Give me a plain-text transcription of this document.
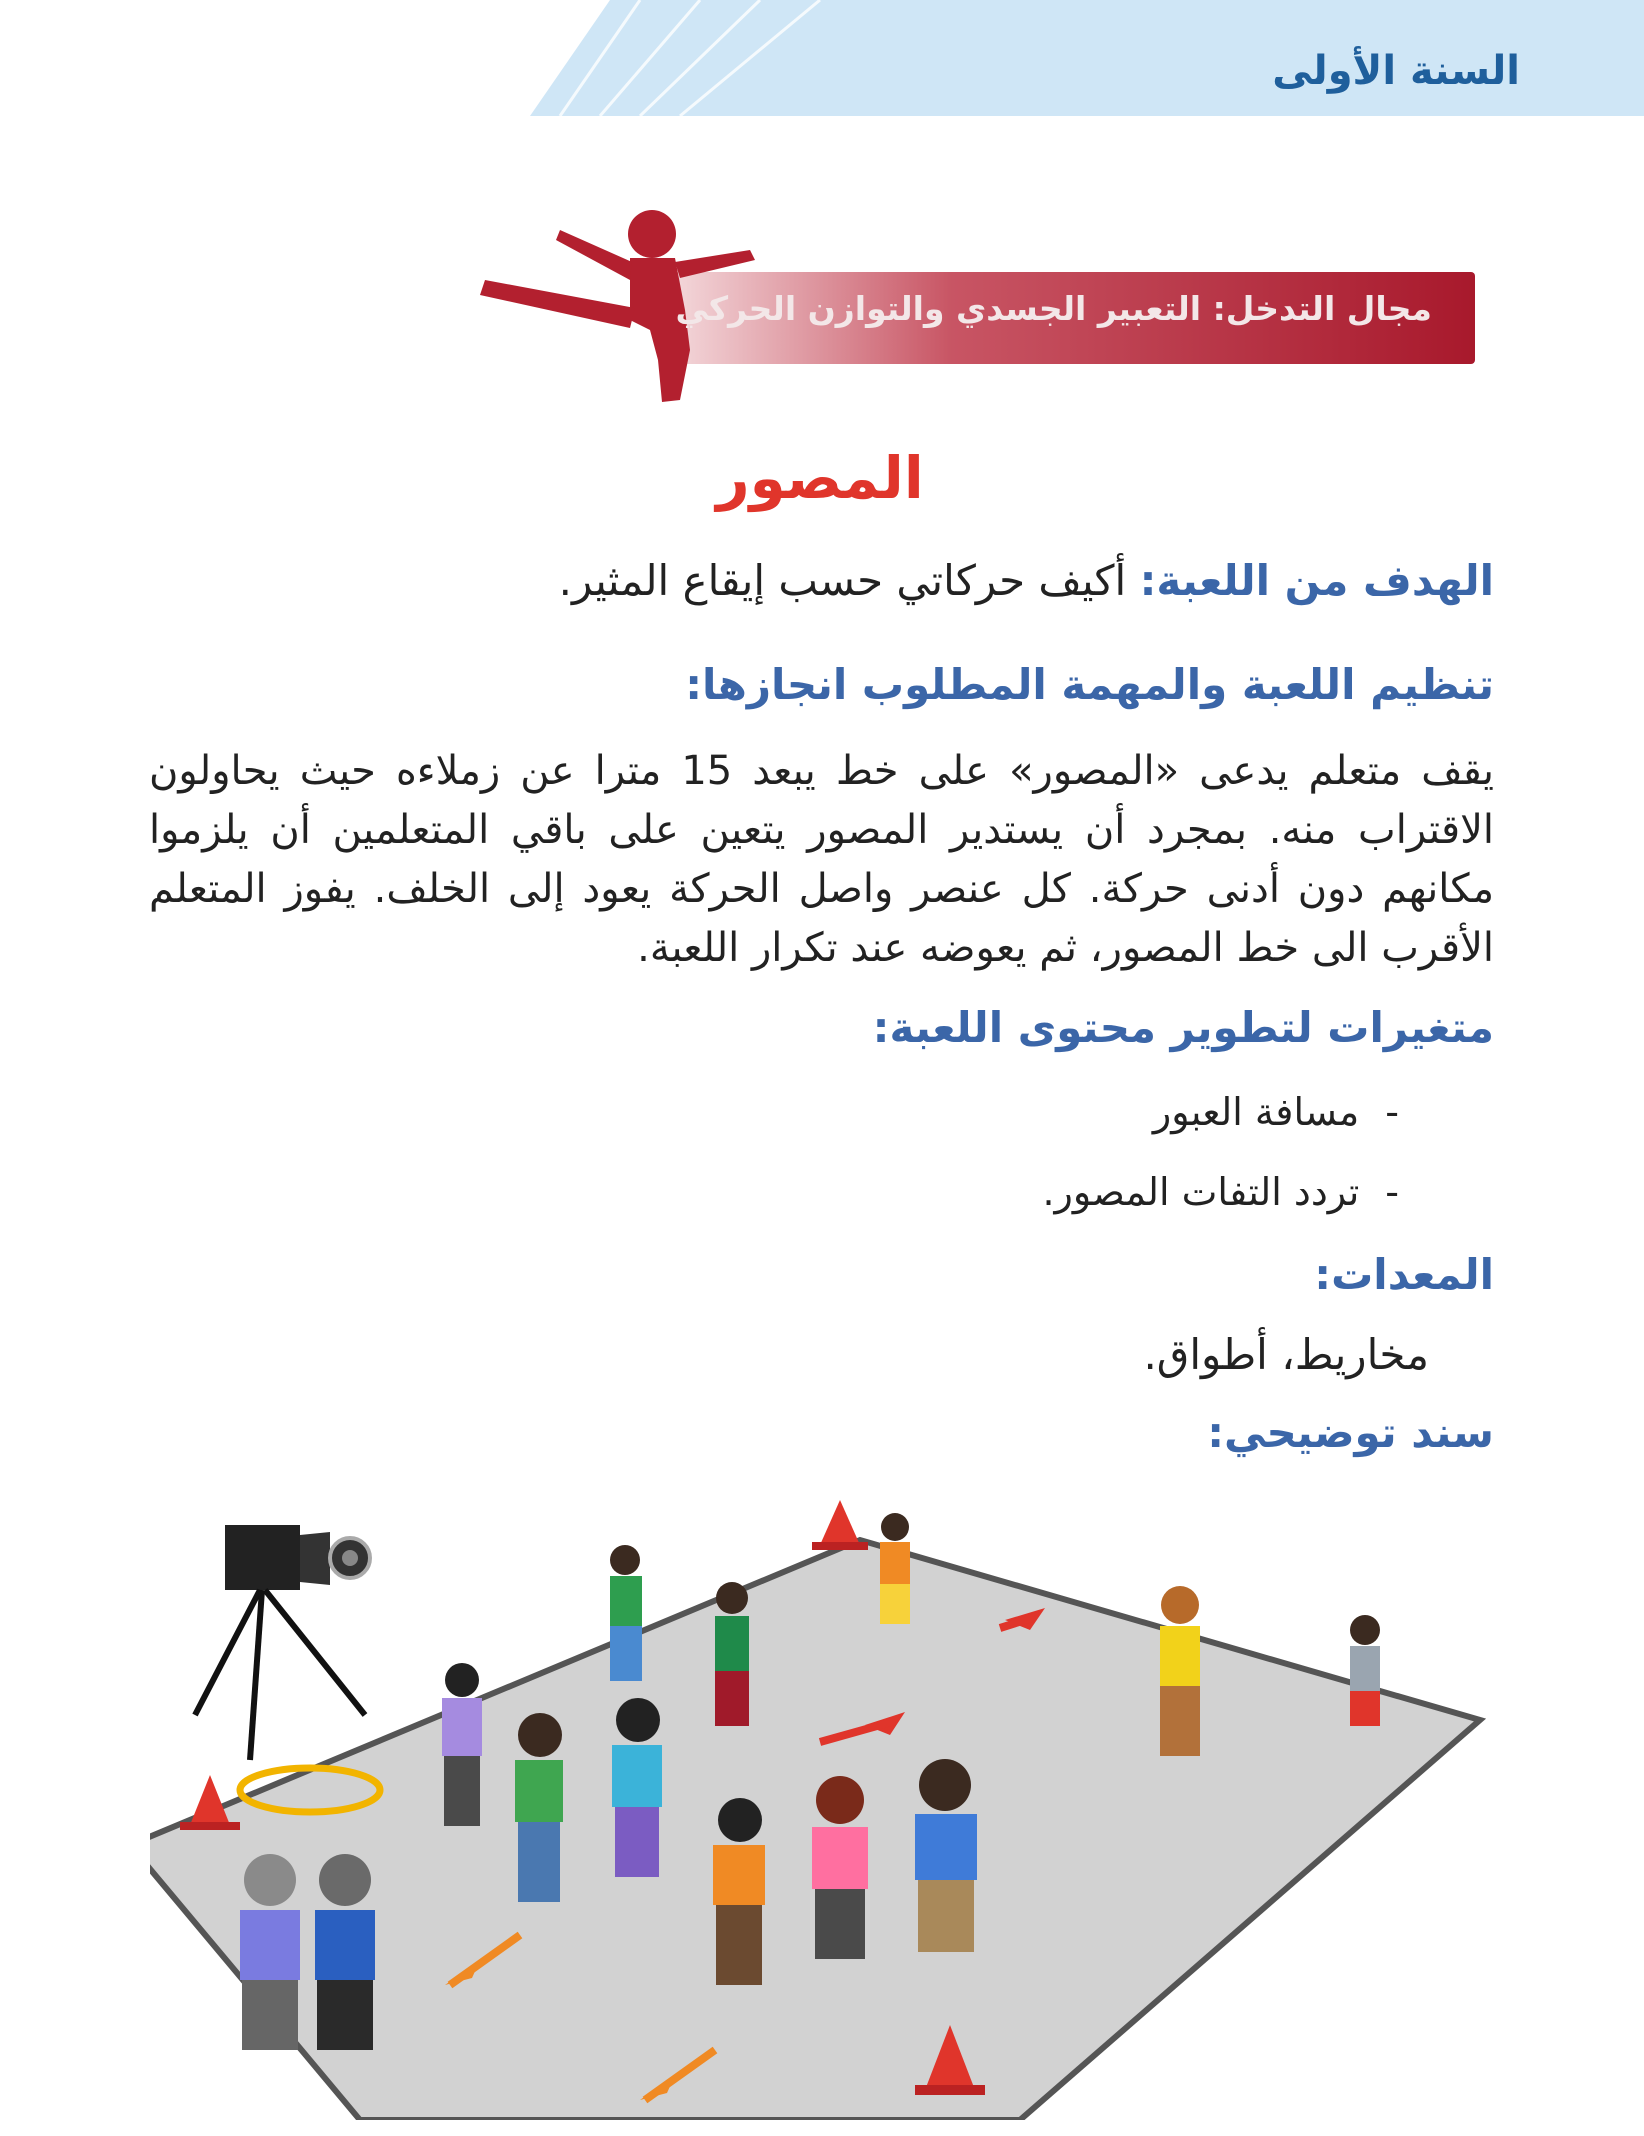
السنة الأولى
مجال التدخل: التعبير الجسدي والتوازن الحركي
المصور
الهدف من اللعبة: أكيف حركاتي حسب إيقاع المثير.
تنظيم اللعبة والمهمة المطلوب انجازها:
يقف متعلم يدعى «المصور» على خط يبعد 15 مترا عن زملاءه حيث يحاولون الاقتراب منه. بمجرد أن يستدير المصور يتعين على باقي المتعلمين أن يلزموا مكانهم دون أدنى حركة. كل عنصر واصل الحركة يعود إلى الخلف. يفوز المتعلم الأقرب الى خط المصور، ثم يعوضه عند تكرار اللعبة.
متغيرات لتطوير محتوى اللعبة:
-مسافة العبور
-تردد التفات المصور.
المعدات:
مخاريط، أطواق.
سند توضيحي:
